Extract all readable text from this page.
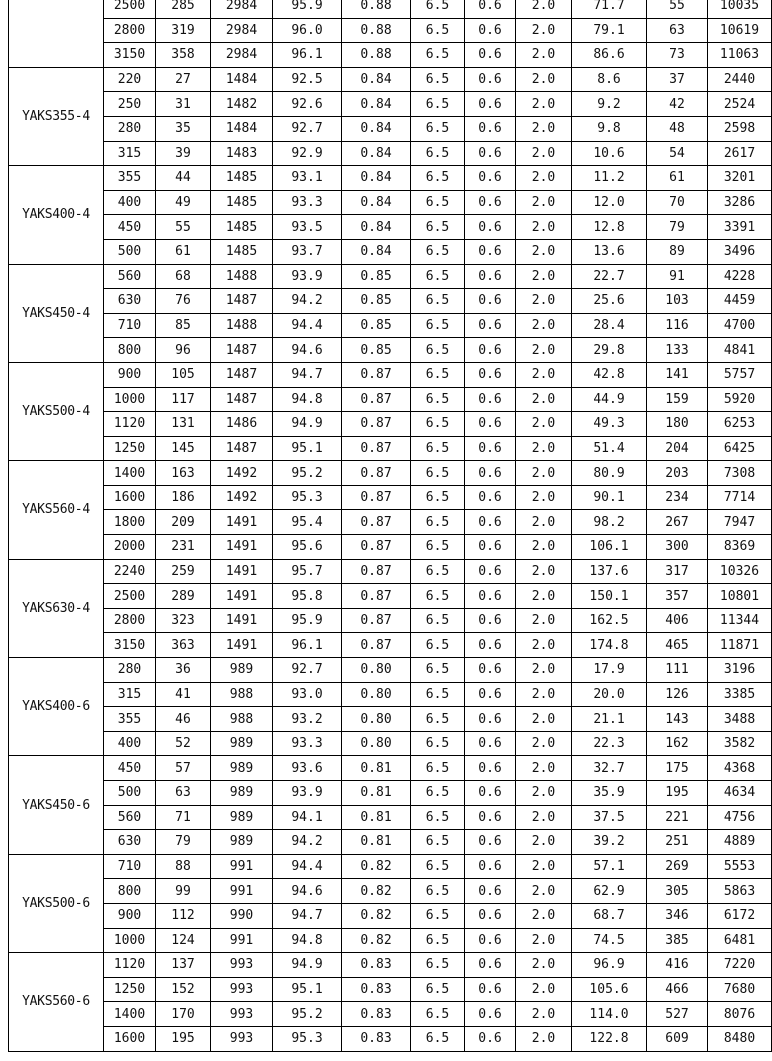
	2500	285	2984	95.9	0.88	6.5	0.6	2.0	71.7	55	10035
	2800	319	2984	96.0	0.88	6.5	0.6	2.0	79.1	63	10619
	3150	358	2984	96.1	0.88	6.5	0.6	2.0	86.6	73	11063
YAKS355-4	220	27	1484	92.5	0.84	6.5	0.6	2.0	8.6	37	2440
	250	31	1482	92.6	0.84	6.5	0.6	2.0	9.2	42	2524
	280	35	1484	92.7	0.84	6.5	0.6	2.0	9.8	48	2598
	315	39	1483	92.9	0.84	6.5	0.6	2.0	10.6	54	2617
YAKS400-4	355	44	1485	93.1	0.84	6.5	0.6	2.0	11.2	61	3201
	400	49	1485	93.3	0.84	6.5	0.6	2.0	12.0	70	3286
	450	55	1485	93.5	0.84	6.5	0.6	2.0	12.8	79	3391
	500	61	1485	93.7	0.84	6.5	0.6	2.0	13.6	89	3496
YAKS450-4	560	68	1488	93.9	0.85	6.5	0.6	2.0	22.7	91	4228
	630	76	1487	94.2	0.85	6.5	0.6	2.0	25.6	103	4459
	710	85	1488	94.4	0.85	6.5	0.6	2.0	28.4	116	4700
	800	96	1487	94.6	0.85	6.5	0.6	2.0	29.8	133	4841
YAKS500-4	900	105	1487	94.7	0.87	6.5	0.6	2.0	42.8	141	5757
	1000	117	1487	94.8	0.87	6.5	0.6	2.0	44.9	159	5920
	1120	131	1486	94.9	0.87	6.5	0.6	2.0	49.3	180	6253
	1250	145	1487	95.1	0.87	6.5	0.6	2.0	51.4	204	6425
YAKS560-4	1400	163	1492	95.2	0.87	6.5	0.6	2.0	80.9	203	7308
	1600	186	1492	95.3	0.87	6.5	0.6	2.0	90.1	234	7714
	1800	209	1491	95.4	0.87	6.5	0.6	2.0	98.2	267	7947
	2000	231	1491	95.6	0.87	6.5	0.6	2.0	106.1	300	8369
YAKS630-4	2240	259	1491	95.7	0.87	6.5	0.6	2.0	137.6	317	10326
	2500	289	1491	95.8	0.87	6.5	0.6	2.0	150.1	357	10801
	2800	323	1491	95.9	0.87	6.5	0.6	2.0	162.5	406	11344
	3150	363	1491	96.1	0.87	6.5	0.6	2.0	174.8	465	11871
YAKS400-6	280	36	989	92.7	0.80	6.5	0.6	2.0	17.9	111	3196
	315	41	988	93.0	0.80	6.5	0.6	2.0	20.0	126	3385
	355	46	988	93.2	0.80	6.5	0.6	2.0	21.1	143	3488
	400	52	989	93.3	0.80	6.5	0.6	2.0	22.3	162	3582
YAKS450-6	450	57	989	93.6	0.81	6.5	0.6	2.0	32.7	175	4368
	500	63	989	93.9	0.81	6.5	0.6	2.0	35.9	195	4634
	560	71	989	94.1	0.81	6.5	0.6	2.0	37.5	221	4756
	630	79	989	94.2	0.81	6.5	0.6	2.0	39.2	251	4889
YAKS500-6	710	88	991	94.4	0.82	6.5	0.6	2.0	57.1	269	5553
	800	99	991	94.6	0.82	6.5	0.6	2.0	62.9	305	5863
	900	112	990	94.7	0.82	6.5	0.6	2.0	68.7	346	6172
	1000	124	991	94.8	0.82	6.5	0.6	2.0	74.5	385	6481
YAKS560-6	1120	137	993	94.9	0.83	6.5	0.6	2.0	96.9	416	7220
	1250	152	993	95.1	0.83	6.5	0.6	2.0	105.6	466	7680
	1400	170	993	95.2	0.83	6.5	0.6	2.0	114.0	527	8076
	1600	195	993	95.3	0.83	6.5	0.6	2.0	122.8	609	8480
